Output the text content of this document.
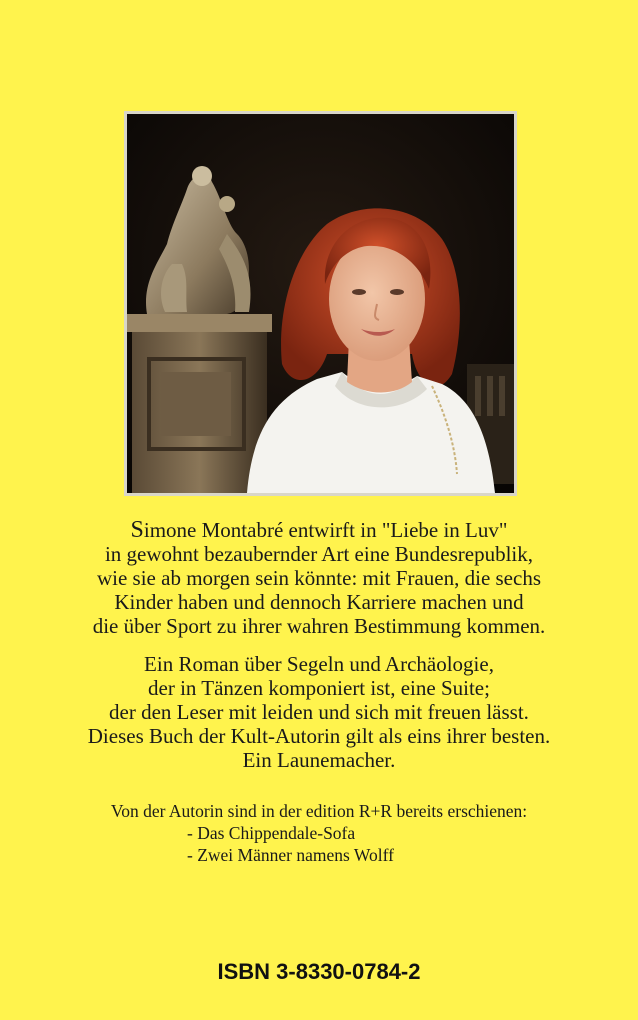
Simone Montabré entwirft in "Liebe in Luv"

in gewohnt bezaubernder Art eine Bundesrepublik,

wie sie ab morgen sein könnte: mit Frauen, die sechs

Kinder haben und dennoch Karriere machen und

die über Sport zu ihrer wahren Bestimmung kommen.

Ein Roman über Segeln und Archäologie,

der in Tänzen komponiert ist, eine Suite;

der den Leser mit leiden und sich mit freuen lässt.

Dieses Buch der Kult-Autorin gilt als eins ihrer besten.

Ein Launemacher.

Von der Autorin sind in der edition R+R bereits erschienen:

- Das Chippendale-Sofa
- Zwei Männer namens Wolff
ISBN 3-8330-0784-2
